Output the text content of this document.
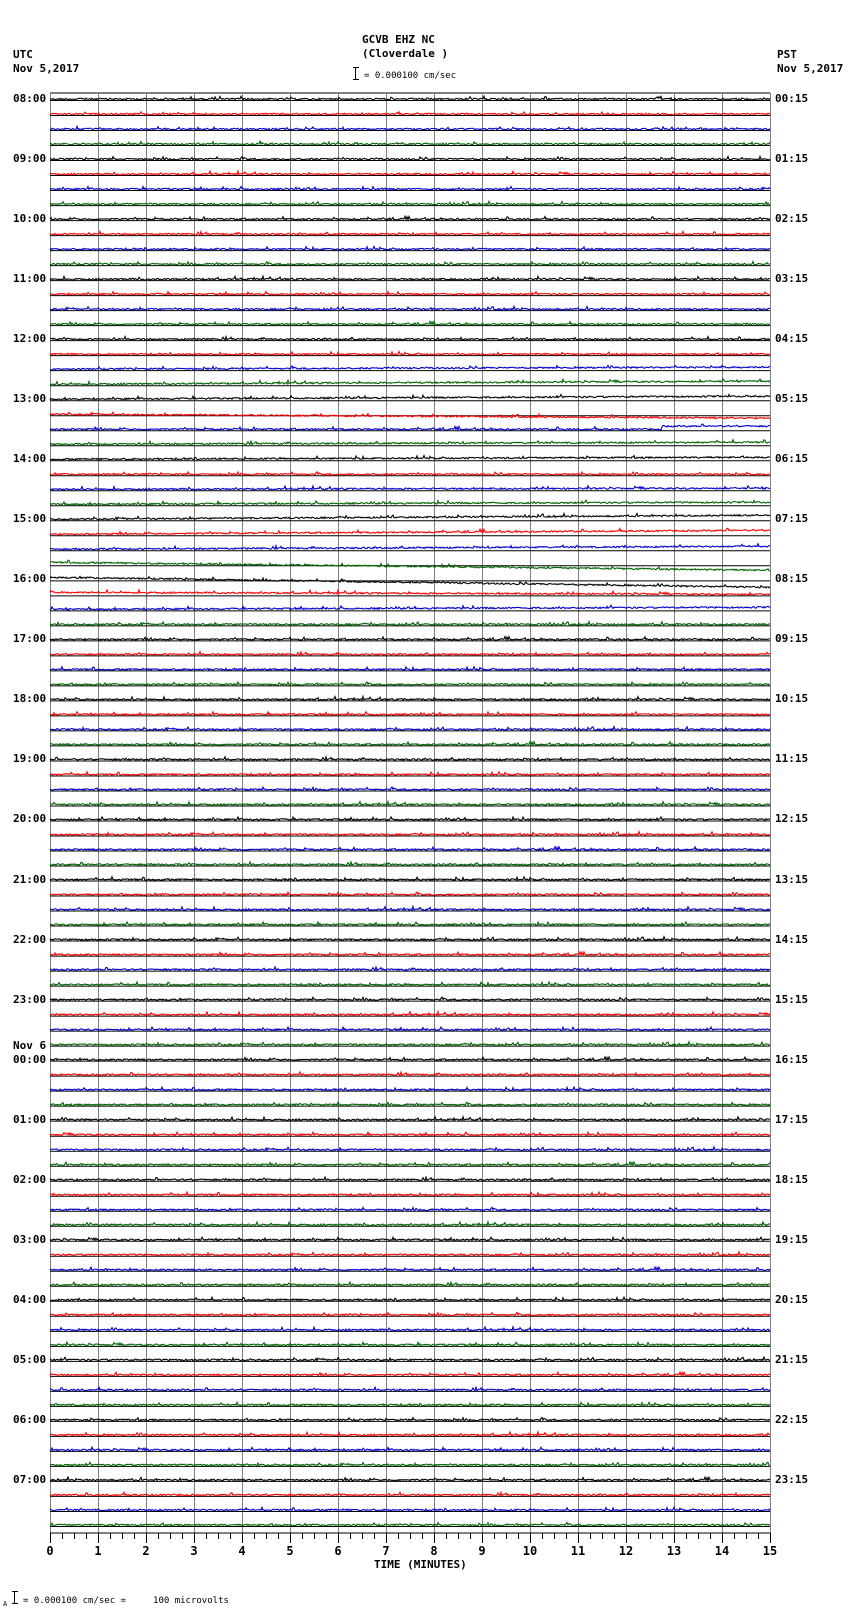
GCVB EHZ NC
(Cloverdale )
= 0.000100 cm/sec
UTC
Nov 5,2017
PST
Nov 5,2017
0	1	2	3	4	5	6	7	8	9	10	11	12	13	14	15
08:00
09:00
10:00
11:00
12:00
13:00
14:00
15:00
16:00
17:00
18:00
19:00
20:00
21:00
22:00
23:00
Nov 6
00:00
01:00
02:00
03:00
04:00
05:00
06:00
07:00
00:15
01:15
02:15
03:15
04:15
05:15
06:15
07:15
08:15
09:15
10:15
11:15
12:15
13:15
14:15
15:15
16:15
17:15
18:15
19:15
20:15
21:15
22:15
23:15
TIME (MINUTES)
A = 0.000100 cm/sec =     100 microvolts
